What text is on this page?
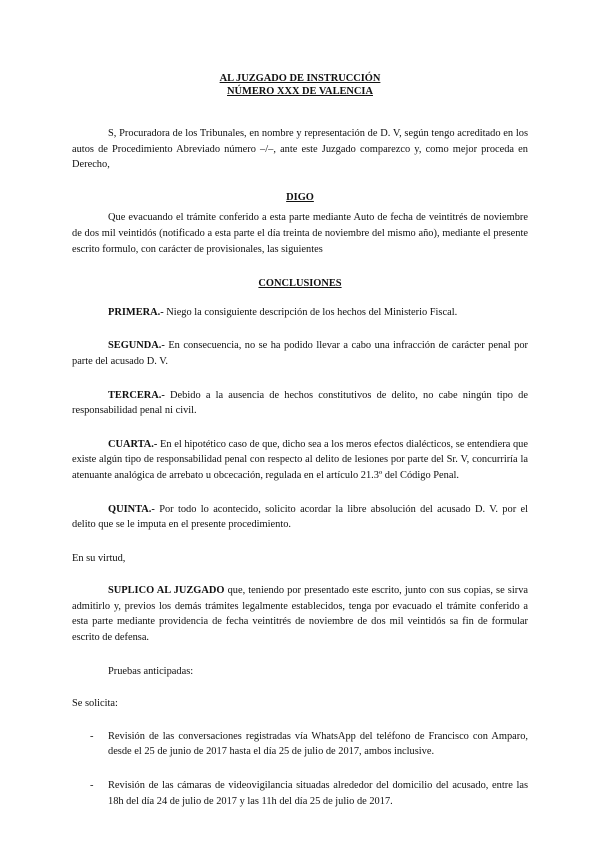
AL JUZGADO DE INSTRUCCIÓN

NÚMERO XXX DE VALENCIA

S, Procuradora de los Tribunales, en nombre y representación de D. V, según tengo acreditado en los autos de Procedimiento Abreviado número –/–, ante este Juzgado comparezco y, como mejor proceda en Derecho,

DIGO

Que evacuando el trámite conferido a esta parte mediante Auto de fecha de veintitrés de noviembre de dos mil veintidós (notificado a esta parte el día treinta de noviembre del mismo año), mediante el presente escrito formulo, con carácter de provisionales, las siguientes

CONCLUSIONES

PRIMERA.- Niego la consiguiente descripción de los hechos del Ministerio Fiscal.

SEGUNDA.- En consecuencia, no se ha podido llevar a cabo una infracción de carácter penal por parte del acusado D. V.

TERCERA.- Debido a la ausencia de hechos constitutivos de delito, no cabe ningún tipo de responsabilidad penal ni civil.

CUARTA.- En el hipotético caso de que, dicho sea a los meros efectos dialécticos, se entendiera que existe algún tipo de responsabilidad penal con respecto al delito de lesiones por parte del Sr. V, concurriría la atenuante analógica de arrebato u obcecación, regulada en el artículo 21.3º del Código Penal.

QUINTA.- Por todo lo acontecido, solicito acordar la libre absolución del acusado D. V. por el delito que se le imputa en el presente procedimiento.

En su virtud,

SUPLICO AL JUZGADO que, teniendo por presentado este escrito, junto con sus copias, se sirva admitirlo y, previos los demás trámites legalmente establecidos, tenga por evacuado el trámite conferido a esta parte mediante providencia de fecha veintitrés de noviembre de dos mil veintidós sa fin de formular escrito de defensa.

Pruebas anticipadas:

Se solicita:

- Revisión de las conversaciones registradas vía WhatsApp del teléfono de Francisco con Amparo, desde el 25 de junio de 2017 hasta el día 25 de julio de 2017, ambos inclusive.
- Revisión de las cámaras de videovigilancia situadas alrededor del domicilio del acusado, entre las 18h del día 24 de julio de 2017 y las 11h del día 25 de julio de 2017.
